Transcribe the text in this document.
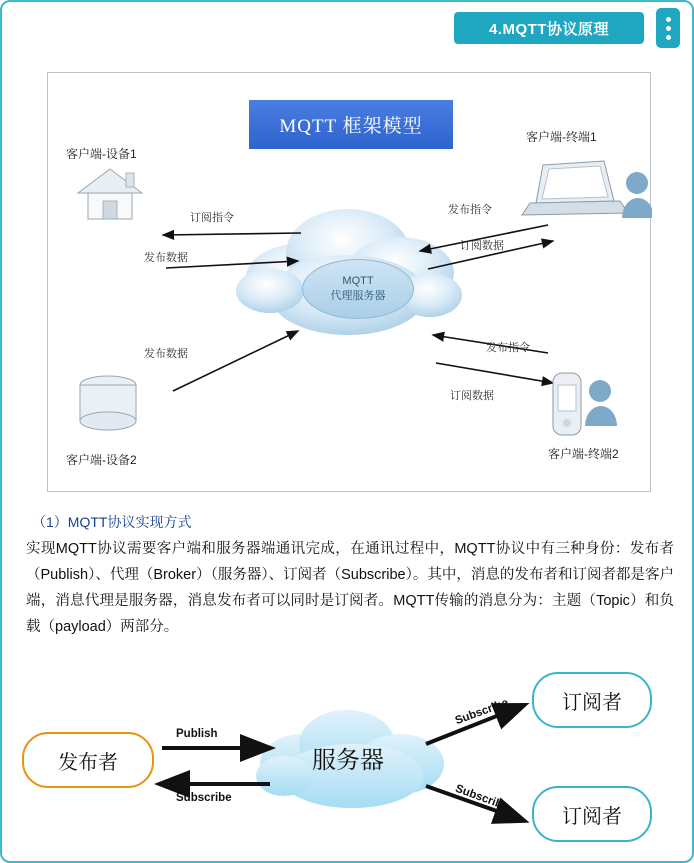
4.MQTT协议原理
MQTT 框架模型
MQTT
代理服务器
客户端-设备1
客户端-设备2
客户端-终端1
客户端-终端2
订阅指令
发布数据
发布数据
发布指令
订阅数据
发布指令
订阅数据
（1）MQTT协议实现方式
实现MQTT协议需要客户端和服务器端通讯完成，在通讯过程中，MQTT协议中有三种身份：发布者（Publish）、代理（Broker）（服务器）、订阅者（Subscribe）。其中，消息的发布者和订阅者都是客户端，消息代理是服务器，消息发布者可以同时是订阅者。MQTT传输的消息分为：主题（Topic）和负载（payload）两部分。
发布者	服务器
订阅者
订阅者
Publish
Subscribe
Subscribe
Subscribe
